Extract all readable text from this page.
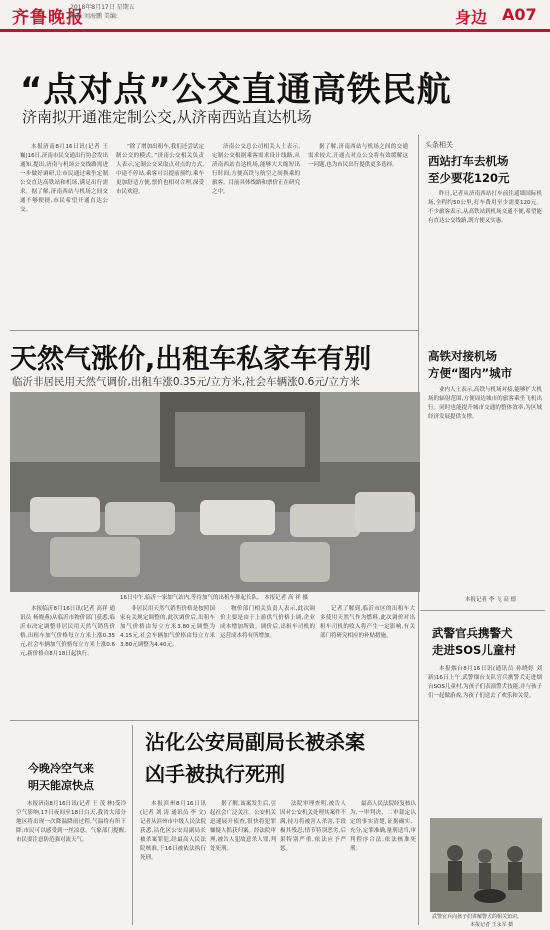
齐鲁晚报
2018年8月17日 星期五
编辑:刘海鹏 美编:	身边 A07
“点对点”公交直通高铁民航
济南拟开通准定制公交,从济南西站直达机场

本报济南8月16日讯(记者 王 巍)16日,济南市民交通出行协会发出通知,提出,济南与机场公交线路需进一步做好调研,让市民通过乘坐定制公交直达高铁站和机场,满足出行需求。据了解,济南西站与机场之间交通不够便捷,市民希望开通直达公交。

“除了增加出租车,我们还尝试定制公交的模式。”济南公交相关负责人表示,定制公交采取点对点的方式,中途不停站,乘客可以提前预约,乘车更加舒适方便,票价也相对合理,深受市民欢迎。

济南公交总公司相关人士表示,定制公交根据乘客需求设计线路,从济南西站直达机场,能够大大缩短出行时间,方便高铁与航空之间换乘的旅客。目前具体线路和票价正在研究之中。

据了解,济南西站与机场之间的交通需求较大,开通点对点公交将有效缓解这一问题,也为市民出行提供更多选择。

头条相关
西站打车去机场
至少要花120元

昨日,记者从济南西站打车前往遥墙国际机场,全程约50公里,打车费用至少需要120元。不少旅客表示,从高铁站到机场交通不便,希望能有直达公交线路,既方便又实惠。

高铁对接机场
方便“图内”城市

业内人士表示,高铁与机场对接,能够扩大机场的辐射范围,方便周边城市的旅客乘坐飞机出行。同时也能提升城市交通的整体效率,为区域经济发展提供支撑。

本报记者 李 飞 高 德
天然气涨价,出租车私家车有别
临沂非居民用天然气调价,出租车涨0.35元/立方米,社会车辆涨0.6元/立方米
16日中午,临沂一家加气站内,等待加气的出租车排起长队。 本报记者 高 祥 摄

本报临沂8月16日讯(记者 高祥 通讯员 杨晓燕)从临沂市物价部门获悉,临沂市决定调整非居民用天然气销售价格,出租车加气价格每立方米上涨0.35元,社会车辆加气价格每立方米上涨0.6元,新价格自8月18日起执行。

非居民用天然气销售价格是按照国家有关规定调整的,此次调价后,出租车加气价格由每立方米3.80元调整为4.15元,社会车辆加气价格由每立方米3.80元调整为4.40元。

物价部门相关负责人表示,此次调价主要是由于上游供气价格上调,企业成本增加所致。调价后,出租车司机的运营成本将有所增加。

记者了解到,临沂市区的出租车大多使用天然气作为燃料,此次调价对出租车司机的收入将产生一定影响,有关部门将研究相应的补贴措施。	武警官兵携警犬
走进SOS儿童村

本报烟台8月16日讯(通讯员 孙晓婷 刘 新)16日上午,武警烟台支队官兵携警犬走进烟台SOS儿童村,为孩子们表演警犬技能,并与孩子们一起做游戏,为孩子们送去了欢乐和关爱。

武警官兵向孩子们讲解警犬的相关知识。
本报记者 王永军 摄
今晚冷空气来
明天能凉快点

本报济南8月16日讯(记者 王 茂 林)受冷空气影响,17日夜间至18日白天,我省大部分地区将出现一次降温降雨过程,气温将有所下降,市民可以感受到一丝凉意。气象部门提醒,市民要注意防范强对流天气。

沾化公安局副局长被杀案
凶手被执行死刑

本报滨州8月16日讯(记者 刘 涛 通讯员 李 文)记者从滨州市中级人民法院获悉,沾化区公安局副局长被杀案罪犯,经最高人民法院核准,于16日被依法执行死刑。

据了解,该案发生后,引起社会广泛关注。公安机关迅速展开侦查,很快将犯罪嫌疑人抓获归案。经法院审理,被告人犯故意杀人罪,判处死刑。

法院审理查明,被告人因对公安机关处理其案件不满,持刀将被害人杀害,手段极其残忍,情节特别恶劣,后果特别严重,依法应予严惩。

最高人民法院经复核认为,一审判决、二审裁定认定的事实清楚,证据确实、充分,定罪准确,量刑适当,审判程序合法,依法核准死刑。
